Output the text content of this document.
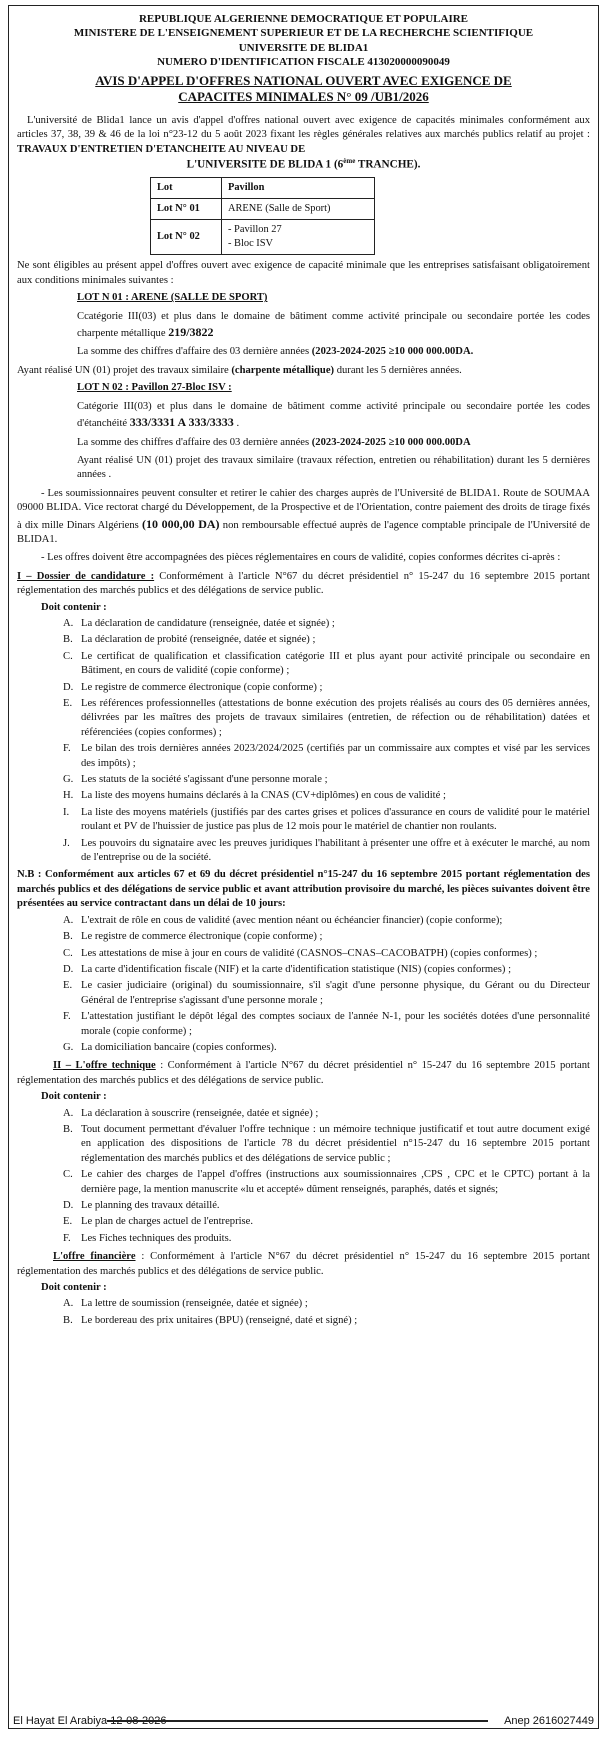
REPUBLIQUE ALGERIENNE DEMOCRATIQUE ET POPULAIRE
MINISTERE DE L'ENSEIGNEMENT SUPERIEUR ET DE LA RECHERCHE SCIENTIFIQUE
UNIVERSITE DE BLIDA1
NUMERO D'IDENTIFICATION FISCALE 413020000090049
AVIS D'APPEL D'OFFRES NATIONAL OUVERT AVEC EXIGENCE DE
CAPACITES MINIMALES N° 09 /UB1/2026
L'université de Blida1 lance un avis d'appel d'offres national ouvert avec exigence de capacités minimales conformément aux articles 37, 38, 39 & 46 de la loi n°23-12 du 5 août 2023 fixant les règles générales relatives aux marchés publics relatif au projet : TRAVAUX D'ENTRETIEN D'ETANCHEITE AU NIVEAU DE
L'UNIVERSITE DE BLIDA 1 (6ème TRANCHE).
Lot	Pavillon
Lot N° 01	ARENE (Salle de Sport)
Lot N° 02	- Pavillon 27
- Bloc ISV
Ne sont éligibles au présent appel d'offres ouvert avec exigence de capacité minimale que les entreprises satisfaisant obligatoirement aux conditions minimales suivantes :
LOT N 01 : ARENE (SALLE DE SPORT)
Ccatégorie III(03) et plus dans le domaine de bâtiment comme activité principale ou secondaire portée les codes charpente métallique 219/3822
La somme des chiffres d'affaire des 03 dernière années (2023-2024-2025 ≥10 000 000.00DA.
Ayant réalisé UN (01) projet des travaux similaire (charpente métallique) durant les 5 dernières années.
LOT N 02 : Pavillon 27-Bloc ISV :
Catégorie III(03) et plus dans le domaine de bâtiment comme activité principale ou secondaire portée les codes d'étanchéité 333/3331 A 333/3333 .
La somme des chiffres d'affaire des 03 dernière années (2023-2024-2025 ≥10 000 000.00DA
Ayant réalisé UN (01) projet des travaux similaire (travaux réfection, entretien ou réhabilitation) durant les 5 dernières années .
- Les soumissionnaires peuvent consulter et retirer le cahier des charges auprès de l'Université de BLIDA1. Route de SOUMAA 09000 BLIDA. Vice rectorat chargé du Développement, de la Prospective et de l'Orientation, contre paiement des droits de tirage fixés à dix mille Dinars Algériens (10 000,00 DA) non remboursable effectué auprès de l'agence comptable principale de l'Université de BLIDA1.
- Les offres doivent être accompagnées des pièces réglementaires en cours de validité, copies conformes décrites ci-après :
I – Dossier de candidature : Conformément à l'article N°67 du décret présidentiel n° 15-247 du 16 septembre 2015 portant réglementation des marchés publics et des délégations de service public.
Doit contenir :
A. La déclaration de candidature (renseignée, datée et signée) ;
B. La déclaration de probité (renseignée, datée et signée) ;
C. Le certificat de qualification et classification catégorie III et plus ayant pour activité principale ou secondaire en Bâtiment, en cours de validité (copie conforme) ;
D. Le registre de commerce électronique (copie conforme) ;
E. Les références professionnelles (attestations de bonne exécution des projets réalisés au cours des 05 dernières années, délivrées par les maîtres des projets de travaux similaires (entretien, de réfection ou de réhabilitation) datées et référenciées (copies conformes) ;
F. Le bilan des trois dernières années 2023/2024/2025 (certifiés par un commissaire aux comptes et visé par les services des impôts) ;
G. Les statuts de la société s'agissant d'une personne morale ;
H. La liste des moyens humains déclarés à la CNAS (CV+diplômes) en cous de validité ;
I. La liste des moyens matériels (justifiés par des cartes grises et polices d'assurance en cours de validité pour le matériel roulant et PV de l'huissier de justice pas plus de 12 mois pour le matériel de chantier non roulants.
J. Les pouvoirs du signataire avec les preuves juridiques l'habilitant à présenter une offre et à exécuter le marché, au nom de l'entreprise ou de la société.
N.B : Conformément aux articles 67 et 69 du décret présidentiel n°15-247 du 16 septembre 2015 portant réglementation des marchés publics et des délégations de service public et avant attribution provisoire du marché, les pièces suivantes doivent être présentées au service contractant dans un délai de 10 jours:
A. L'extrait de rôle en cous de validité (avec mention néant ou échéancier financier) (copie conforme);
B. Le registre de commerce électronique (copie conforme) ;
C. Les attestations de mise à jour en cours de validité (CASNOS–CNAS–CACOBATPH) (copies conformes) ;
D. La carte d'identification fiscale (NIF) et la carte d'identification statistique (NIS) (copies conformes) ;
E. Le casier judiciaire (original) du soumissionnaire, s'il s'agit d'une personne physique, du Gérant ou du Directeur Général de l'entreprise s'agissant d'une personne morale ;
F. L'attestation justifiant le dépôt légal des comptes sociaux de l'année N-1, pour les sociétés dotées d'une personnalité morale (copie conforme) ;
G. La domiciliation bancaire (copies conformes).
II – L'offre technique : Conformément à l'article N°67 du décret présidentiel n° 15-247 du 16 septembre 2015 portant réglementation des marchés publics et des délégations de service public.
Doit contenir :
A. La déclaration à souscrire (renseignée, datée et signée) ;
B. Tout document permettant d'évaluer l'offre technique : un mémoire technique justificatif et tout autre document exigé en application des dispositions de l'article 78 du décret présidentiel n°15-247 du 16 septembre 2015 portant réglementation des marchés publics et des délégations de service public ;
C. Le cahier des charges de l'appel d'offres (instructions aux soumissionnaires ,CPS , CPC et le CPTC) portant à la dernière page, la mention manuscrite «lu et accepté» dûment renseignés, paraphés, datés et signés;
D. Le planning des travaux détaillé.
E. Le plan de charges actuel de l'entreprise.
F. Les Fiches techniques des produits.
L'offre financière : Conformément à l'article N°67 du décret présidentiel n° 15-247 du 16 septembre 2015 portant réglementation des marchés publics et des délégations de service public.
Doit contenir :
A. La lettre de soumission (renseignée, datée et signée) ;
B. Le bordereau des prix unitaires (BPU) (renseigné, daté et signé) ;
El Hayat El Arabiya 12-08-2026	Anep 2616027449
